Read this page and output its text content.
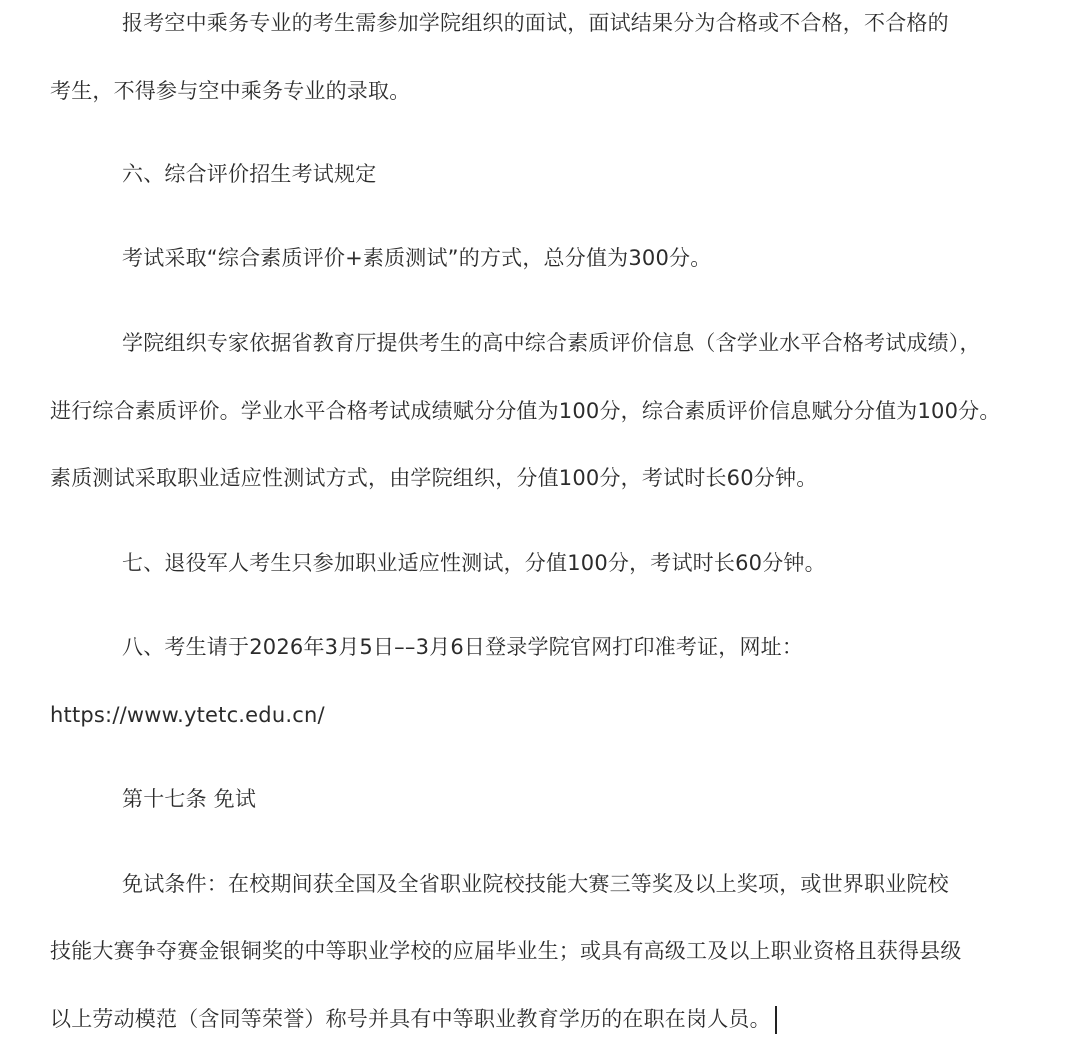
报考空中乘务专业的考生需参加学院组织的面试，面试结果分为合格或不合格，不合格的
考生，不得参与空中乘务专业的录取。
六、综合评价招生考试规定
考试采取“综合素质评价+素质测试”的方式，总分值为300分。
学院组织专家依据省教育厅提供考生的高中综合素质评价信息（含学业水平合格考试成绩），
进行综合素质评价。学业水平合格考试成绩赋分分值为100分，综合素质评价信息赋分分值为100分。
素质测试采取职业适应性测试方式，由学院组织，分值100分，考试时长60分钟。
七、退役军人考生只参加职业适应性测试，分值100分，考试时长60分钟。
八、考生请于2026年3月5日––3月6日登录学院官网打印准考证，网址：
https://www.ytetc.edu.cn/
第十七条 免试
免试条件：在校期间获全国及全省职业院校技能大赛三等奖及以上奖项，或世界职业院校
技能大赛争夺赛金银铜奖的中等职业学校的应届毕业生；或具有高级工及以上职业资格且获得县级
以上劳动模范（含同等荣誉）称号并具有中等职业教育学历的在职在岗人员。
